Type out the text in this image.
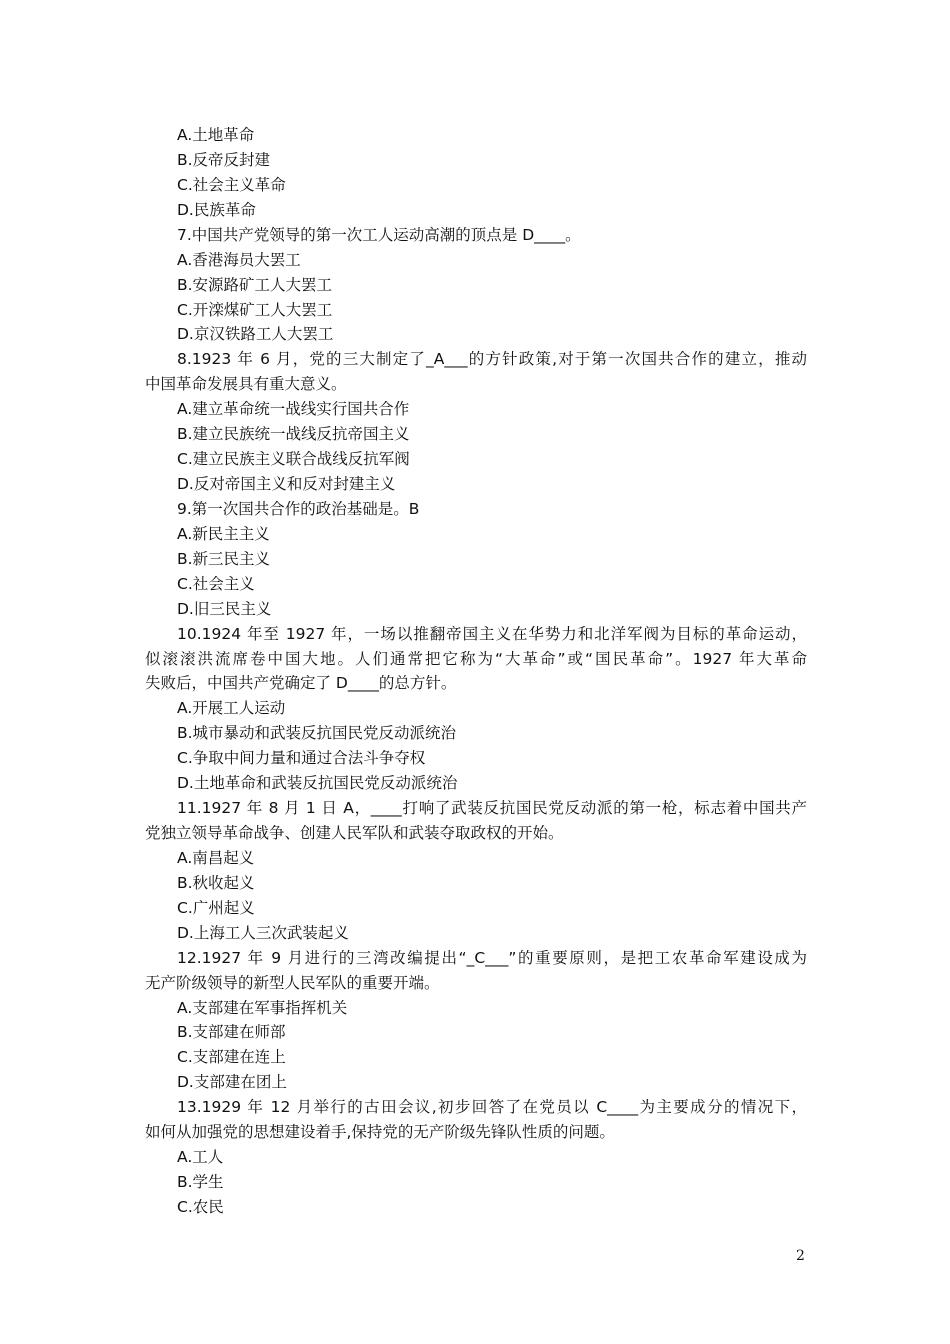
A.土地革命
B.反帝反封建
C.社会主义革命
D.民族革命
7.中国共产党领导的第一次工人运动高潮的顶点是 D____。
A.香港海员大罢工
B.安源路矿工人大罢工
C.开滦煤矿工人大罢工
D.京汉铁路工人大罢工
8.1923 年 6 月，党的三大制定了_A___的方针政策,对于第一次国共合作的建立，推动
中国革命发展具有重大意义。
A.建立革命统一战线实行国共合作
B.建立民族统一战线反抗帝国主义
C.建立民族主义联合战线反抗军阀
D.反对帝国主义和反对封建主义
9.第一次国共合作的政治基础是。B
A.新民主主义
B.新三民主义
C.社会主义
D.旧三民主义
10.1924 年至 1927 年，一场以推翻帝国主义在华势力和北洋军阀为目标的革命运动，
似滚滚洪流席卷中国大地。人们通常把它称为“大革命”或“国民革命”。1927 年大革命
失败后，中国共产党确定了 D____的总方针。
A.开展工人运动
B.城市暴动和武装反抗国民党反动派统治
C.争取中间力量和通过合法斗争夺权
D.土地革命和武装反抗国民党反动派统治
11.1927 年 8 月 1 日 A，____打响了武装反抗国民党反动派的第一枪，标志着中国共产
党独立领导革命战争、创建人民军队和武装夺取政权的开始。
A.南昌起义
B.秋收起义
C.广州起义
D.上海工人三次武装起义
12.1927 年 9 月进行的三湾改编提出“_C___”的重要原则，是把工农革命军建设成为
无产阶级领导的新型人民军队的重要开端。
A.支部建在军事指挥机关
B.支部建在师部
C.支部建在连上
D.支部建在团上
13.1929 年 12 月举行的古田会议,初步回答了在党员以 C____为主要成分的情况下，
如何从加强党的思想建设着手,保持党的无产阶级先锋队性质的问题。
A.工人
B.学生
C.农民
2
